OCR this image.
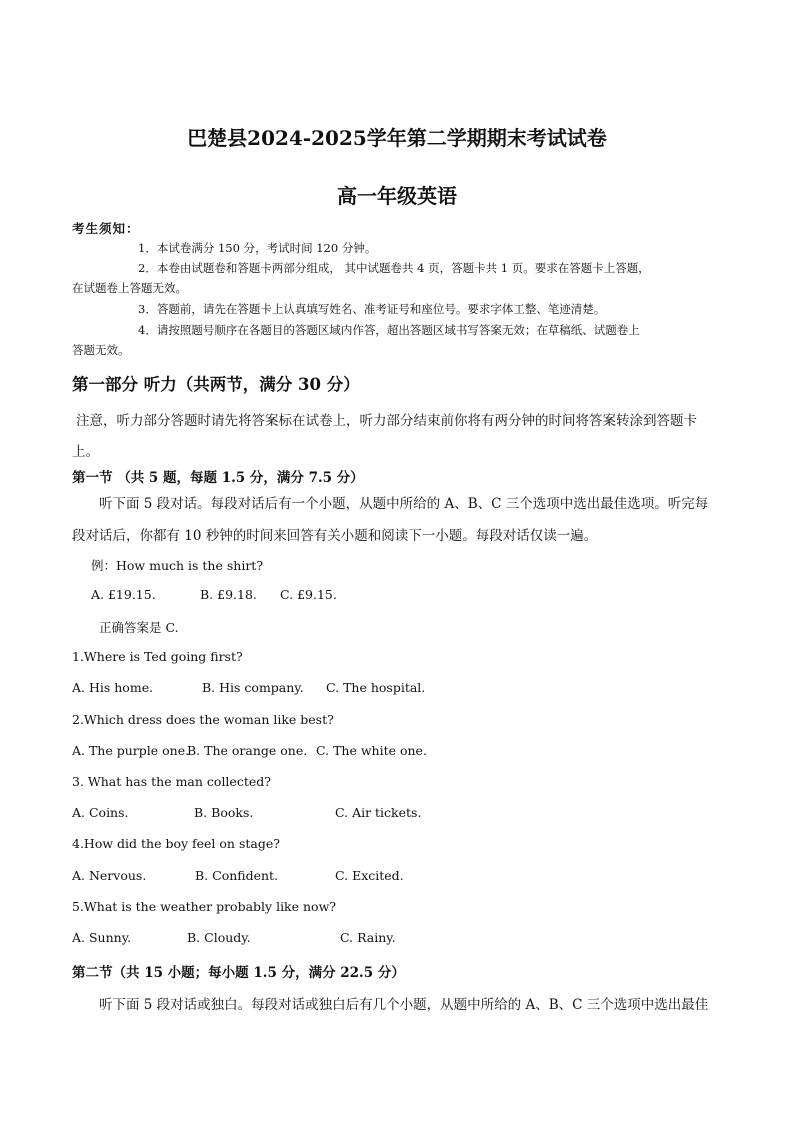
巴楚县2024-2025学年第二学期期末考试试卷
高一年级英语
考生须知：
1．本试卷满分 150 分，考试时间 120 分钟。
2．本卷由试题卷和答题卡两部分组成， 其中试题卷共 4 页，答题卡共 1 页。要求在答题卡上答题，
在试题卷上答题无效。
3．答题前，请先在答题卡上认真填写姓名、准考证号和座位号。要求字体工整、笔迹清楚。
4．请按照题号顺序在各题目的答题区域内作答，超出答题区域书写答案无效；在草稿纸、试题卷上
答题无效。
第一部分 听力（共两节，满分 30 分）
注意，听力部分答题时请先将答案标在试卷上，听力部分结束前你将有两分钟的时间将答案转涂到答题卡
上。
第一节 （共 5 题，每题 1.5 分，满分 7.5 分）
听下面 5 段对话。每段对话后有一个小题，从题中所给的 A、B、C 三个选项中选出最佳选项。听完每
段对话后，你都有 10 秒钟的时间来回答有关小题和阅读下一小题。每段对话仅读一遍。
例：How much is the shirt?
A. £19.15.	B. £9.18. C. £9.15.
正确答案是 C.
1.Where is Ted going first?
A. His home.	B. His company. C. The hospital.
2.Which dress does the woman like best?
A. The purple one.
B. The orange one. C. The white one.
3. What has the man collected?
A. Coins.	B. Books.	C. Air tickets.
4.How did the boy feel on stage?
A. Nervous.	B. Confident.	C. Excited.
5.What is the weather probably like now?
A. Sunny.	B. Cloudy.	C. Rainy.
第二节（共 15 小题；每小题 1.5 分，满分 22.5 分）
听下面 5 段对话或独白。每段对话或独白后有几个小题，从题中所给的 A、B、C 三个选项中选出最佳
